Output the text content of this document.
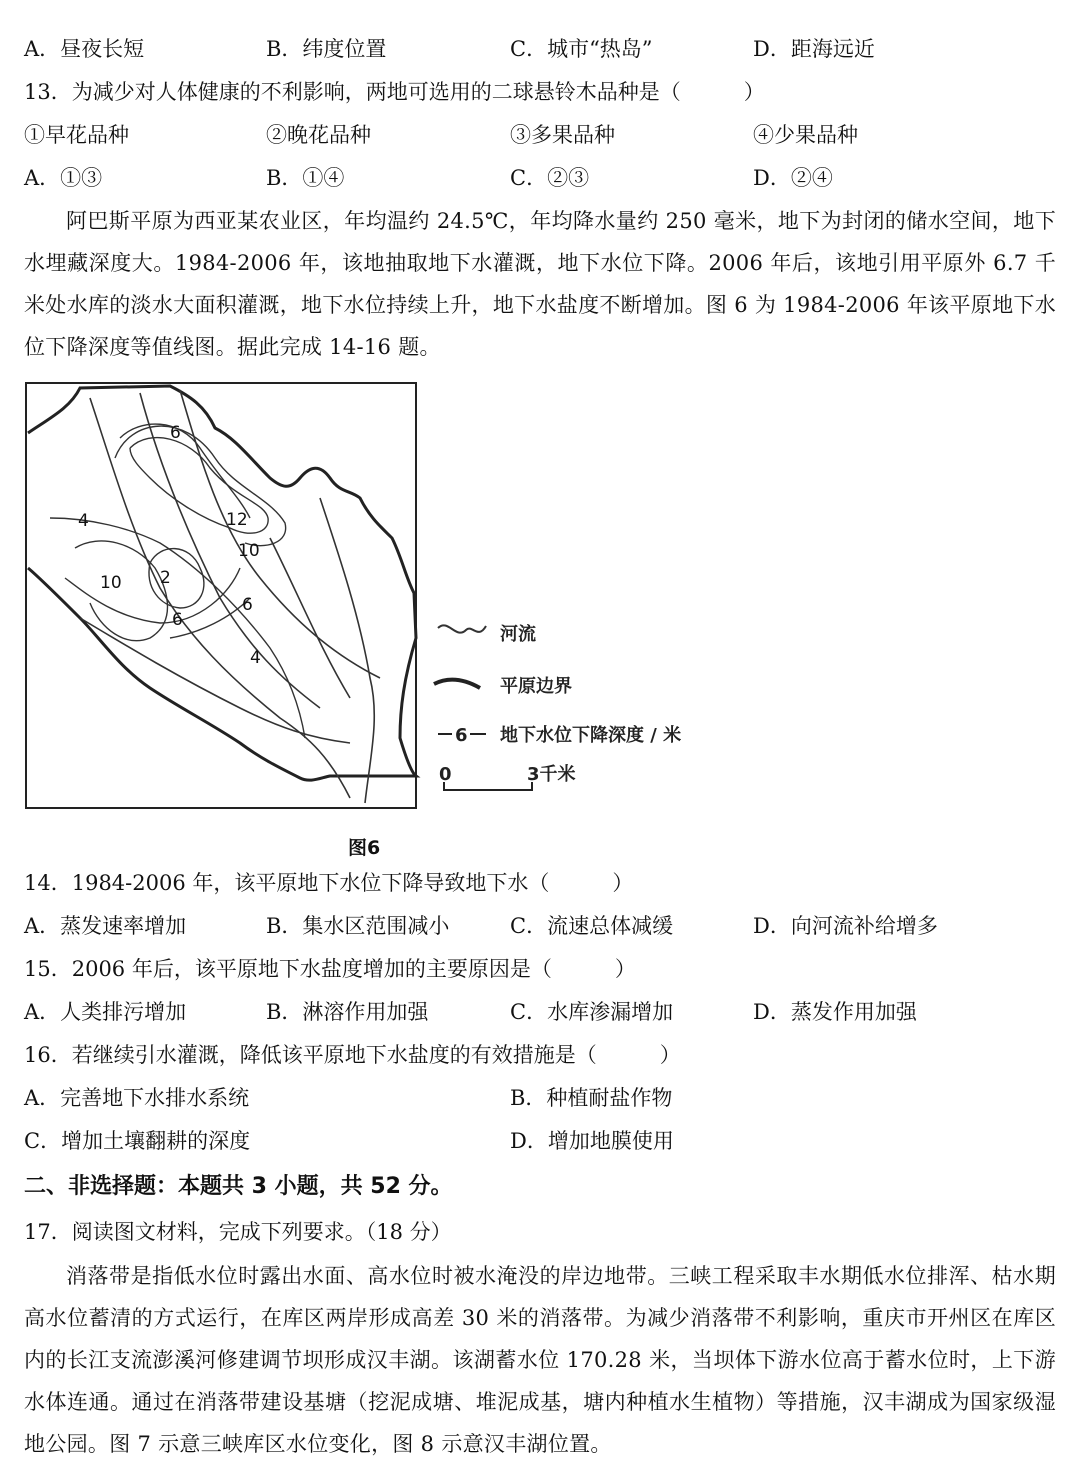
A．昼夜长短	B．纬度位置	C．城市“热岛”	D．距海远近
13．为减少对人体健康的不利影响，两地可选用的二球悬铃木品种是（　　　）
①早花品种	②晚花品种	③多果品种	④少果品种
A．①③	B．①④	C．②③	D．②④
阿巴斯平原为西亚某农业区，年均温约 24.5℃，年均降水量约 250 毫米，地下为封闭的储水空间，地下水埋藏深度大。1984-2006 年，该地抽取地下水灌溉，地下水位下降。2006 年后，该地引用平原外 6.7 千米处水库的淡水大面积灌溉，地下水位持续上升，地下水盐度不断增加。图 6 为 1984-2006 年该平原地下水位下降深度等值线图。据此完成 14-16 题。
6
12
10
4
2
10
6
6
4
河流
平原边界
6 地下水位下降深度 / 米
0	3千米
图6
14．1984-2006 年，该平原地下水位下降导致地下水（　　　）
A．蒸发速率增加	B．集水区范围减小	C．流速总体减缓	D．向河流补给增多
15．2006 年后，该平原地下水盐度增加的主要原因是（　　　）
A．人类排污增加	B．淋溶作用加强	C．水库渗漏增加	D．蒸发作用加强
16．若继续引水灌溉，降低该平原地下水盐度的有效措施是（　　　）
A．完善地下水排水系统	B．种植耐盐作物
C．增加土壤翻耕的深度	D．增加地膜使用
二、非选择题：本题共 3 小题，共 52 分。
17．阅读图文材料，完成下列要求。（18 分）
消落带是指低水位时露出水面、高水位时被水淹没的岸边地带。三峡工程采取丰水期低水位排浑、枯水期高水位蓄清的方式运行，在库区两岸形成高差 30 米的消落带。为减少消落带不利影响，重庆市开州区在库区内的长江支流澎溪河修建调节坝形成汉丰湖。该湖蓄水位 170.28 米，当坝体下游水位高于蓄水位时，上下游水体连通。通过在消落带建设基塘（挖泥成塘、堆泥成基，塘内种植水生植物）等措施，汉丰湖成为国家级湿地公园。图 7 示意三峡库区水位变化，图 8 示意汉丰湖位置。
